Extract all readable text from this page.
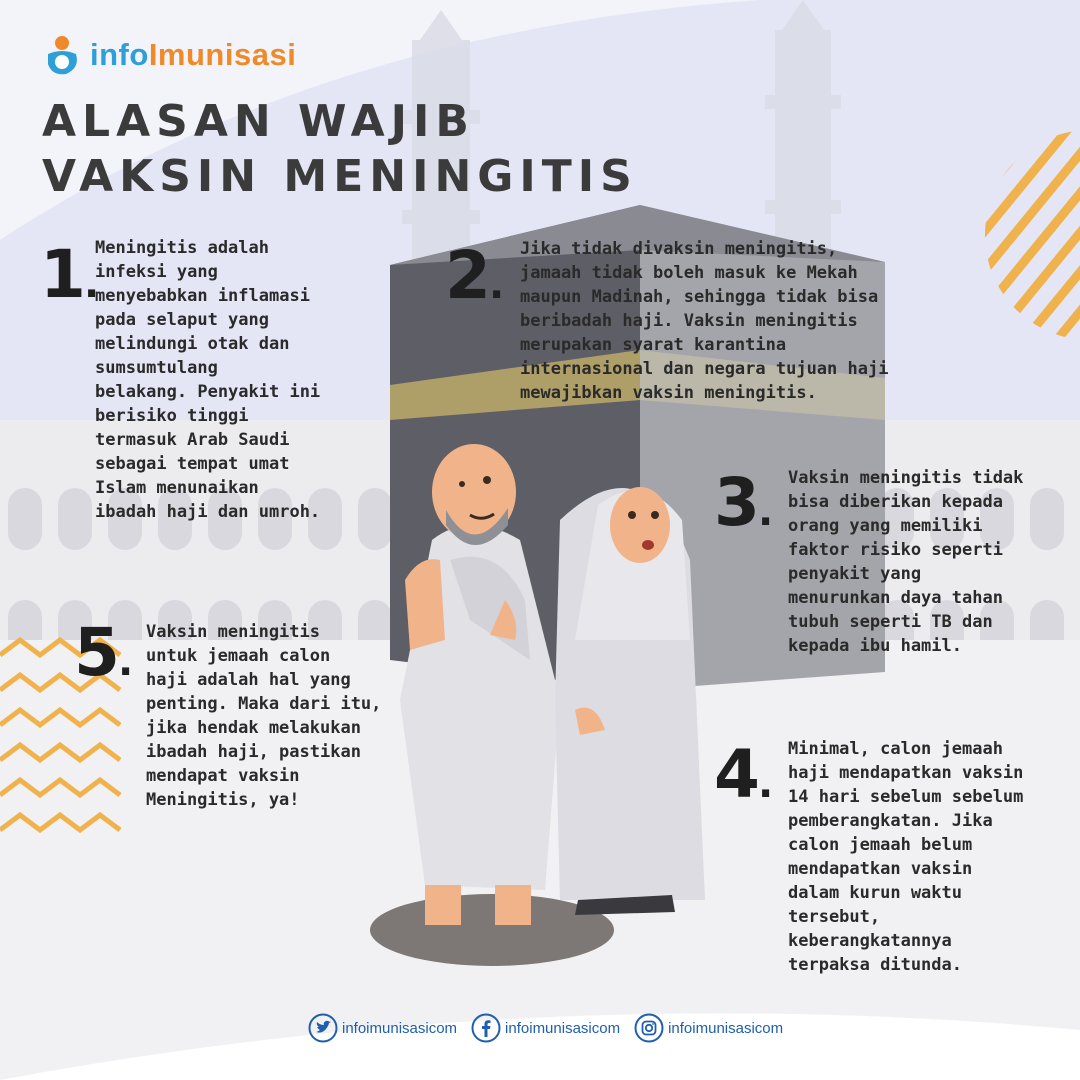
infoImunisasi
ALASAN WAJIB
VAKSIN MENINGITIS
1.

Meningitis adalah
infeksi yang
menyebabkan inflamasi
pada selaput yang
melindungi otak dan
sumsumtulang
belakang. Penyakit ini
berisiko tinggi
termasuk Arab Saudi
sebagai tempat umat
Islam menunaikan
ibadah haji dan umroh.

2.

Jika tidak divaksin meningitis,
jamaah tidak boleh masuk ke Mekah
maupun Madinah, sehingga tidak bisa
beribadah haji. Vaksin meningitis
merupakan syarat karantina
internasional dan negara tujuan haji
mewajibkan vaksin meningitis.

3.

Vaksin meningitis tidak
bisa diberikan kepada
orang yang memiliki
faktor risiko seperti
penyakit yang
menurunkan daya tahan
tubuh seperti TB dan
kepada ibu hamil.

4.

Minimal, calon jemaah
haji mendapatkan vaksin
14 hari sebelum sebelum
pemberangkatan. Jika
calon jemaah belum
mendapatkan vaksin
dalam kurun waktu
tersebut,
keberangkatannya
terpaksa ditunda.

5.

Vaksin meningitis
untuk jemaah calon
haji adalah hal yang
penting. Maka dari itu,
jika hendak melakukan
ibadah haji, pastikan
mendapat vaksin
Meningitis, ya!

infoimunisasicom	infoimunisasicom	infoimunisasicom
